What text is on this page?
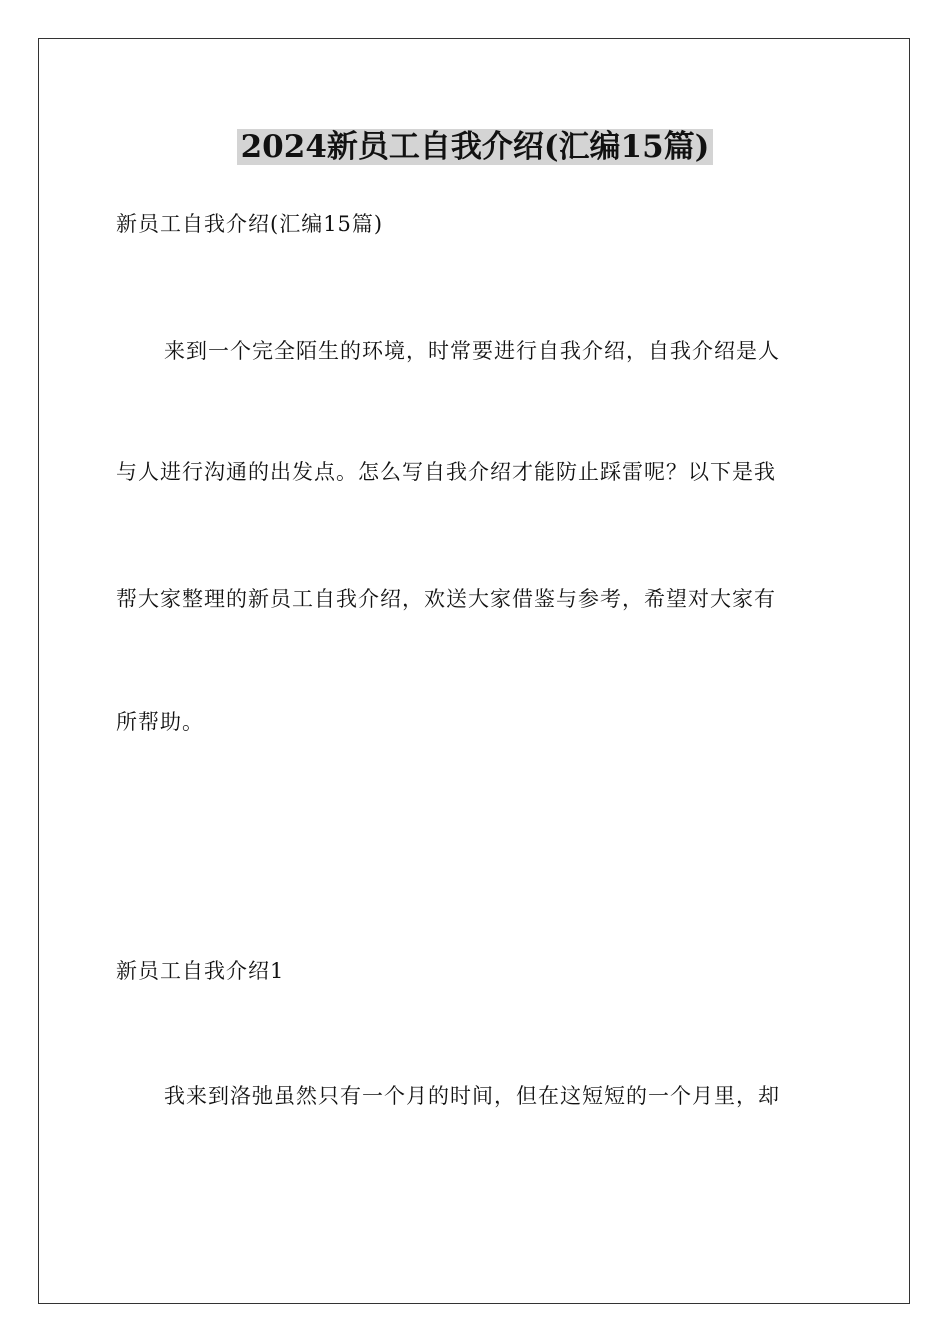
2024新员工自我介绍(汇编15篇)
新员工自我介绍(汇编15篇)
来到一个完全陌生的环境，时常要进行自我介绍，自我介绍是人
与人进行沟通的出发点。怎么写自我介绍才能防止踩雷呢？以下是我
帮大家整理的新员工自我介绍，欢送大家借鉴与参考，希望对大家有
所帮助。
新员工自我介绍1
我来到洛弛虽然只有一个月的时间，但在这短短的一个月里，却
